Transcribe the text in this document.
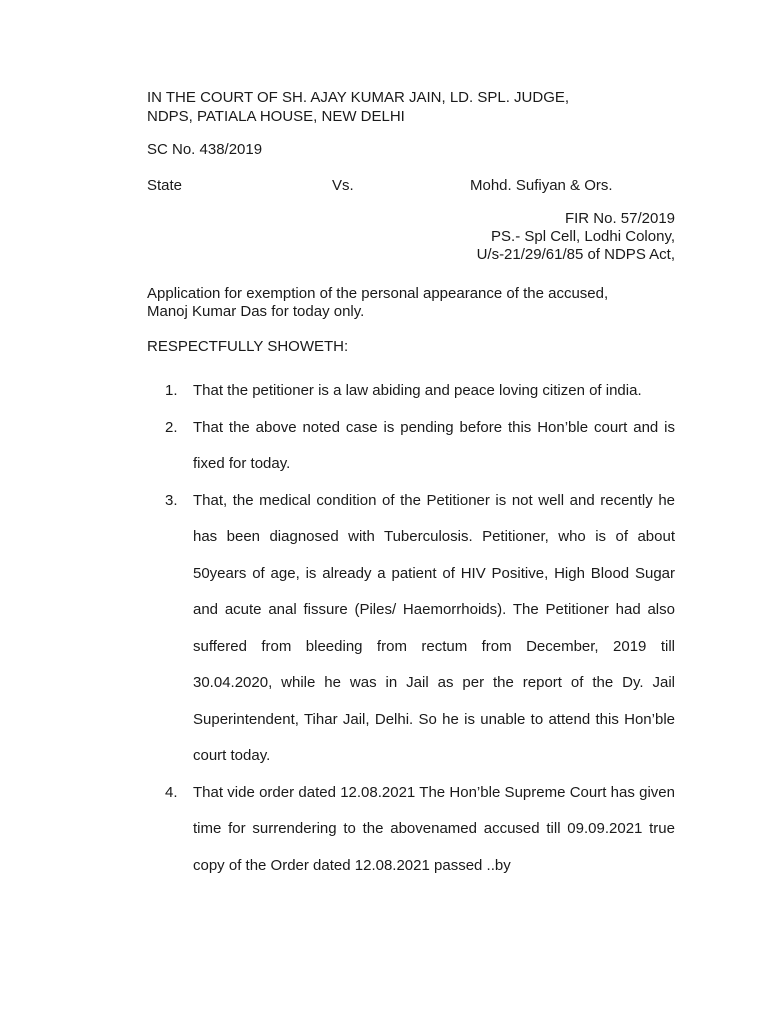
IN THE COURT OF SH. AJAY KUMAR JAIN, LD. SPL. JUDGE,
NDPS, PATIALA HOUSE, NEW DELHI
SC No. 438/2019
State	Vs.	Mohd. Sufiyan & Ors.
FIR No. 57/2019
PS.- Spl Cell, Lodhi Colony,
U/s-21/29/61/85 of NDPS Act,
Application for exemption of the personal appearance of the accused,
Manoj Kumar Das for today only.
RESPECTFULLY SHOWETH:
1.	That the petitioner is a law abiding and peace loving citizen of india.
2.	That the above noted case is pending before this Hon’ble court and is fixed for today.
3.	That, the medical condition of the Petitioner is not well and recently he has been diagnosed with Tuberculosis. Petitioner, who is of about 50years of age, is already a patient of HIV Positive, High Blood Sugar and acute anal fissure (Piles/ Haemorrhoids). The Petitioner had also suffered from bleeding from rectum from December, 2019 till 30.04.2020, while he was in Jail as per the report of the Dy. Jail Superintendent, Tihar Jail, Delhi. So he is unable to attend this Hon’ble court today.
4.	That vide order dated 12.08.2021 The Hon’ble Supreme Court has given time for surrendering to the abovenamed accused till 09.09.2021 true copy of the Order dated 12.08.2021 passed ..by
